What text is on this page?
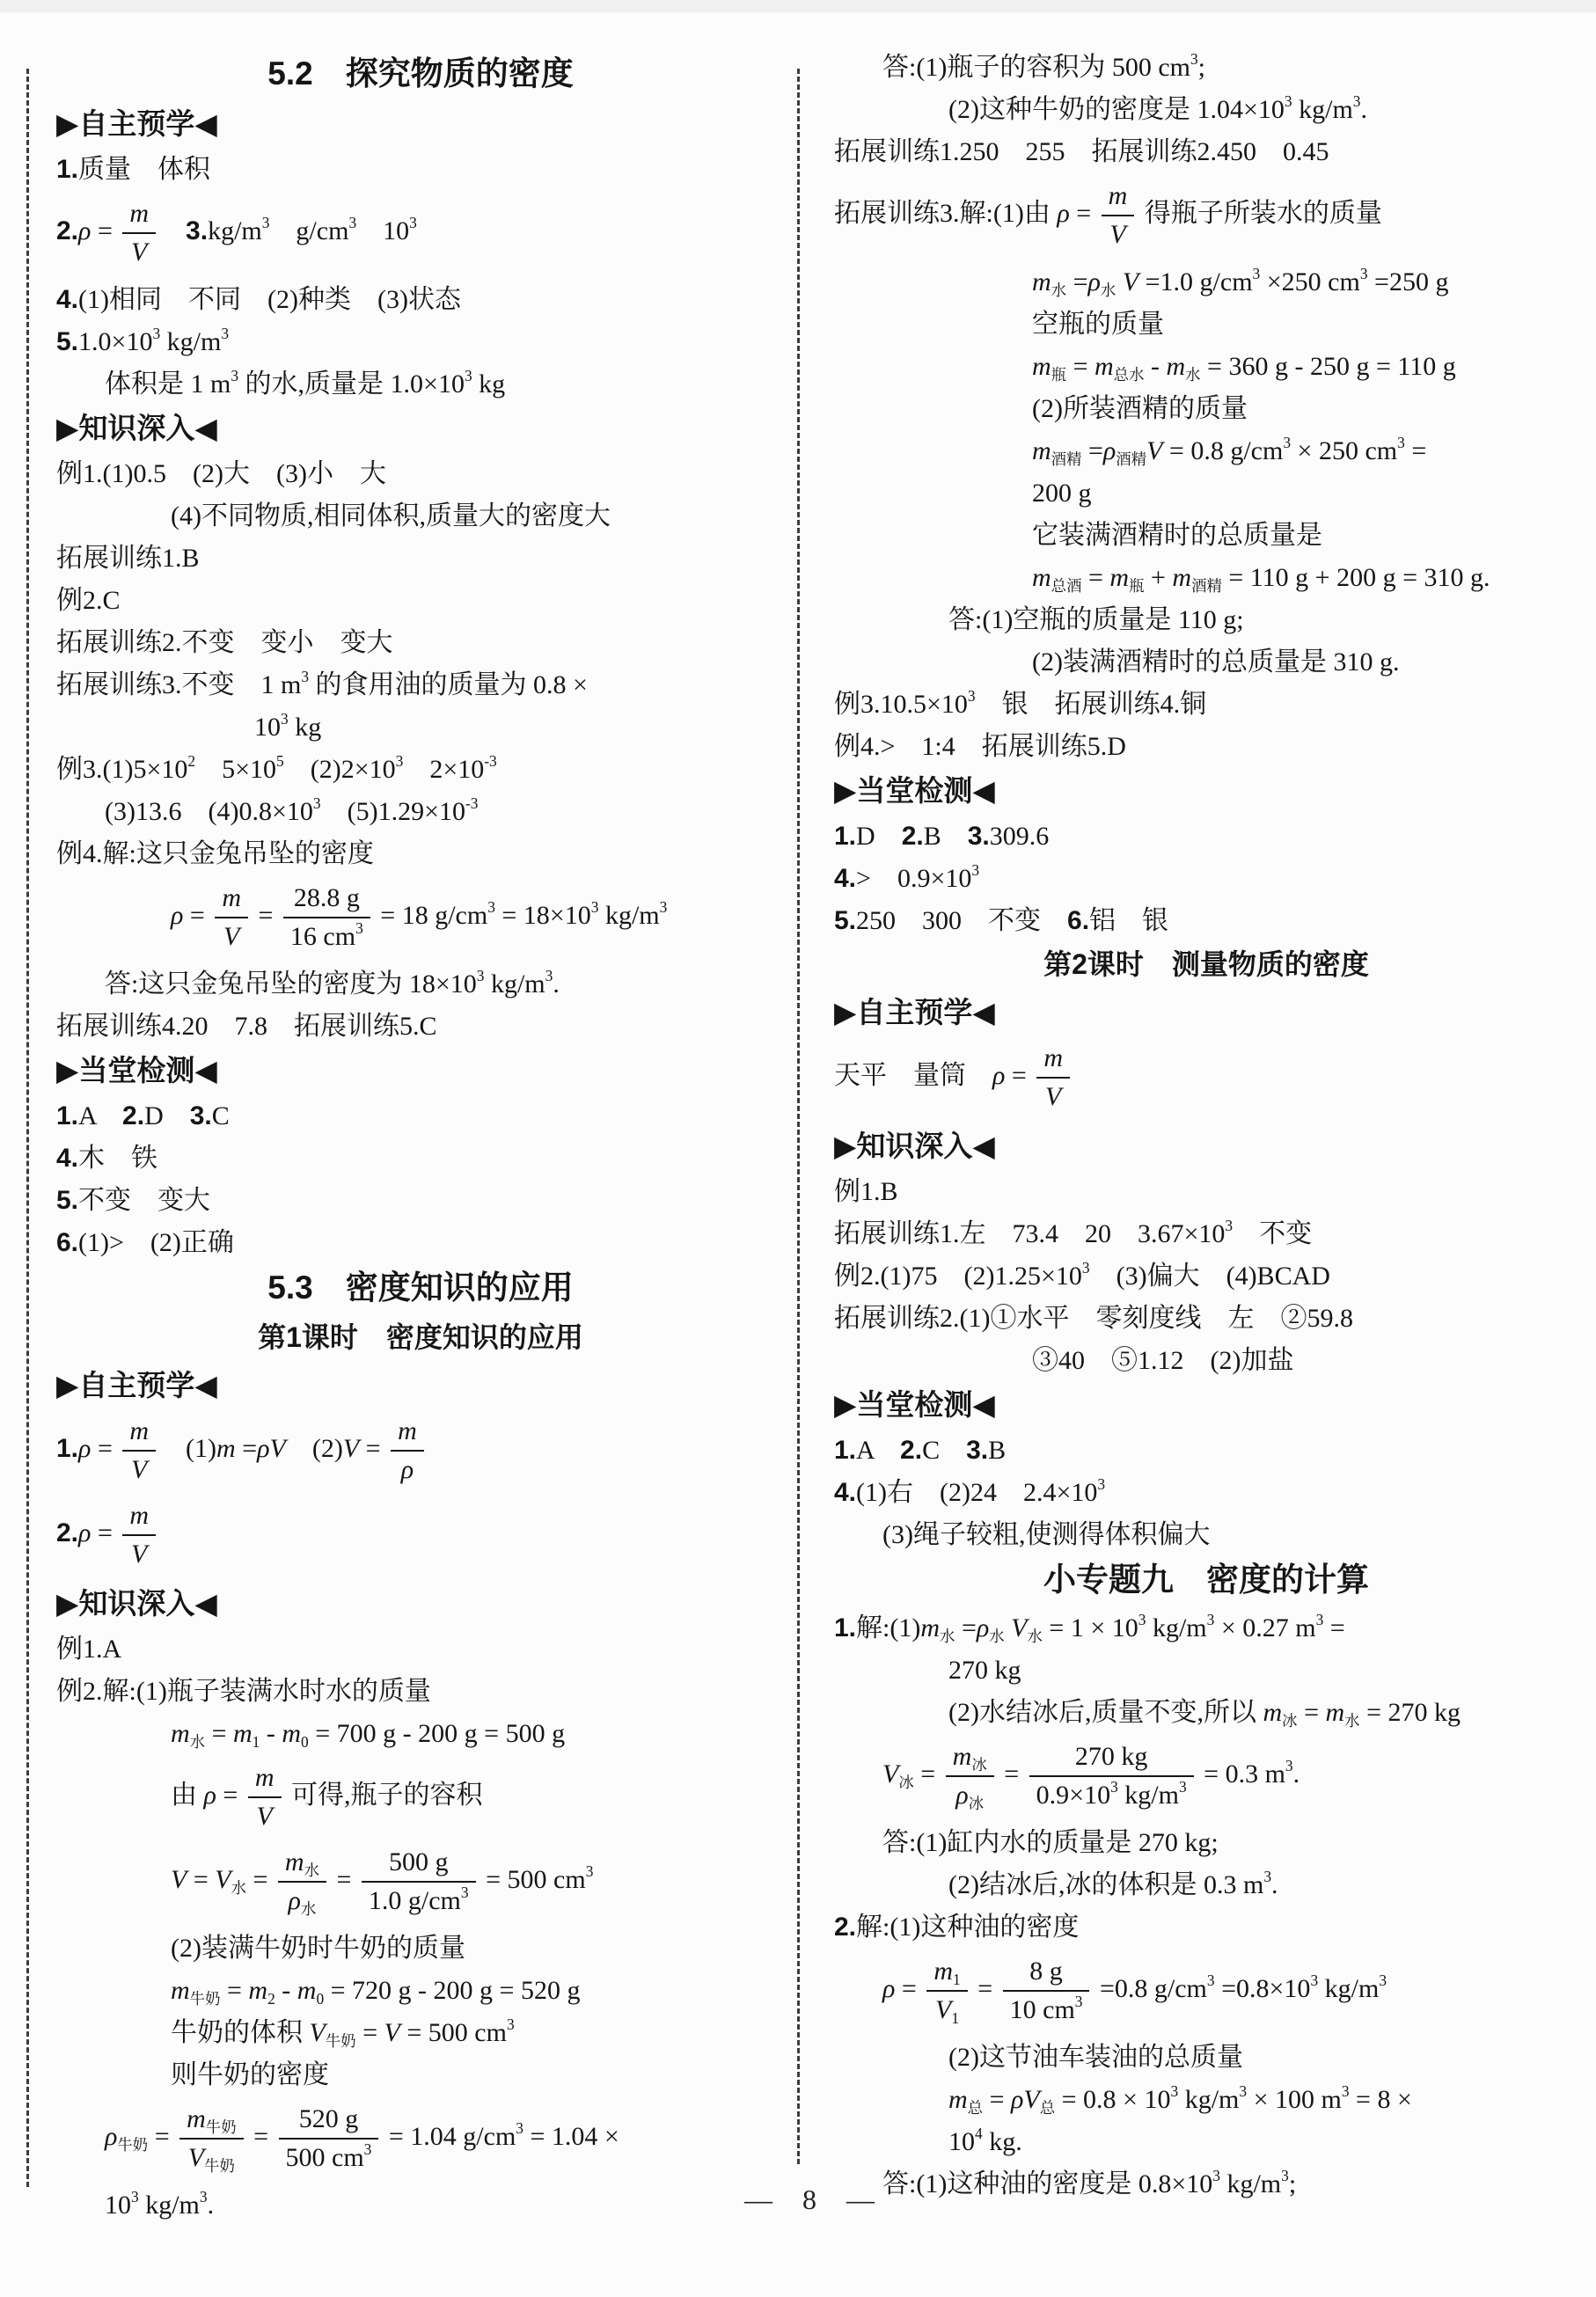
5.2　探究物质的密度
▶自主预学◀
1.质量　体积
$2.\rho = \frac{m}{V}$
　 $3.kg/m^3$　$g/cm^3$　$10^3$
4.(1)相同　不同　(2)种类　(3)状态
$5.1.0\times 10^3$ $kg/m^3$
体积是 1 $m^3$ 的水,质量是 $1.0\times 10^3$ kg
▶知识深入◀
例1.(1)0.5　(2)大　(3)小　大
(4)不同物质,相同体积,质量大的密度大
拓展训练1.B
例2.C
拓展训练2.不变　变小　变大
拓展训练3.不变　1 $m^3$ 的食用油的质量为 0.8 ×
$10^3$ kg
例$3.(1)5\times 10^2$　$5\times 10^5$　$(2)2\times 10^3$　$2\times 10^{-3}$
(3)13.6　$(4)0.8\times 10^3$　$(5)1.29\times 10^{-3}$
例4.解:这只金兔吊坠的密度
$\rho = \frac{m}{V} = \frac{28.8 g}{16 cm^3} = 18$ $g/cm^3 = 18\times 10^3$ $kg/m^3$
答:这只金兔吊坠的密度为 $18\times 10^3$ $kg/m^3$.
拓展训练4.20　7.8　拓展训练5.C
▶当堂检测◀
1.A　2.D　3.C
4.木　铁
5.不变　变大
6.(1)>　(2)正确
5.3　密度知识的应用
第1课时　密度知识的应用
▶自主预学◀
$1.\rho = \frac{m}{V}$ 　(1)m =ρV　$(2)V = \frac{m}{\rho}$
$2.\rho = \frac{m}{V}$
▶知识深入◀
例1.A
例2.解:(1)瓶子装满水时水的质量
$m_水 = m_1 - m_0 = 700$ g - 200 g = 500 g
由 $\rho = \frac{m}{V}$ 可得,瓶子的容积
$V = V_水 = \frac{m_水}{\rho_水} = \frac{500 g}{1.0 g/cm^3} = 500$ $cm^3$
(2)装满牛奶时牛奶的质量
$m_{牛奶} = m_2 - m_0 = 720$ g - 200 g = 520 g
牛奶的体积 $V_{牛奶} = V = 500$ $cm^3$
则牛奶的密度
$\rho_{牛奶} = \frac{m_{牛奶}}{V_{牛奶}} = \frac{520 g}{500 cm^3} = 1.04$ $g/cm^3 = 1.04$ ×
$10^3$ $kg/m^3$.
答:(1)瓶子的容积为 500 $cm^3$;
(2)这种牛奶的密度是 $1.04\times 10^3$ $kg/m^3$.
拓展训练1.250　255　拓展训练2.450　0.45
拓展训练3.解:(1)由 $\rho = \frac{m}{V}$ 得瓶子所装水的质量
$m_水 =\rho_水$ V =1.0 $g/cm^3 \times 250$ $cm^3 =250$ g
空瓶的质量
$m_瓶 = m_{总水} - m_水 = 360$ g - 250 g = 110 g
(2)所装酒精的质量
$m_{酒精} =\rho_{酒精}V = 0.8$ $g/cm^3 \times 250$ $cm^3$ =
200 g
它装满酒精时的总质量是
$m_{总酒} = m_瓶 + m_{酒精} = 110$ g + 200 g = 310 g.
答:(1)空瓶的质量是 110 g;
(2)装满酒精时的总质量是 310 g.
例$3.10.5\times 10^3$　银　拓展训练4.铜
例4.>　1:4　拓展训练5.D
▶当堂检测◀
1.D　2.B　3.309.6
4.>　$0.9\times 10^3$
5.250　300　不变　6.铝　银
第2课时　测量物质的密度
▶自主预学◀
天平　量筒　$\rho = \frac{m}{V}$
▶知识深入◀
例1.B
拓展训练1.左　73.4　20　$3.67\times 10^3$　不变
例2.(1)75　$(2)1.25\times 10^3$　(3)偏大　(4)BCAD
拓展训练2.(1)①水平　零刻度线　左　②59.8
③40　⑤1.12　(2)加盐
▶当堂检测◀
1.A　2.C　3.B
4.(1)右　(2)24　$2.4\times 10^3$
(3)绳子较粗,使测得体积偏大
小专题九　密度的计算
1.解$:(1)m_水 =\rho_水$ $V_水 = 1 \times 10^3$ $kg/m^3 \times 0.27$ $m^3$ =
270 kg
(2)水结冰后,质量不变,所以 $m_冰 = m_水 = 270$ kg
$V_冰 = \frac{m_冰}{\rho_冰} = \frac{270 kg}{0.9\times 10^3 kg/m^3} = 0.3$ $m^3$.
答:(1)缸内水的质量是 270 kg;
(2)结冰后,冰的体积是 0.3 $m^3$.
2.解:(1)这种油的密度
$\rho = \frac{m_1}{V_1} = \frac{8 g}{10 cm^3} =0.8$ $g/cm^3 =0.8\times 10^3$ $kg/m^3$
(2)这节油车装油的总质量
$m_总 = \rho V_总 = 0.8 \times 10^3$ $kg/m^3 \times 100$ $m^3 = 8$ ×
$10^4$ kg.
答:(1)这种油的密度是 $0.8\times 10^3$ $kg/m^3$;
— 8 —
